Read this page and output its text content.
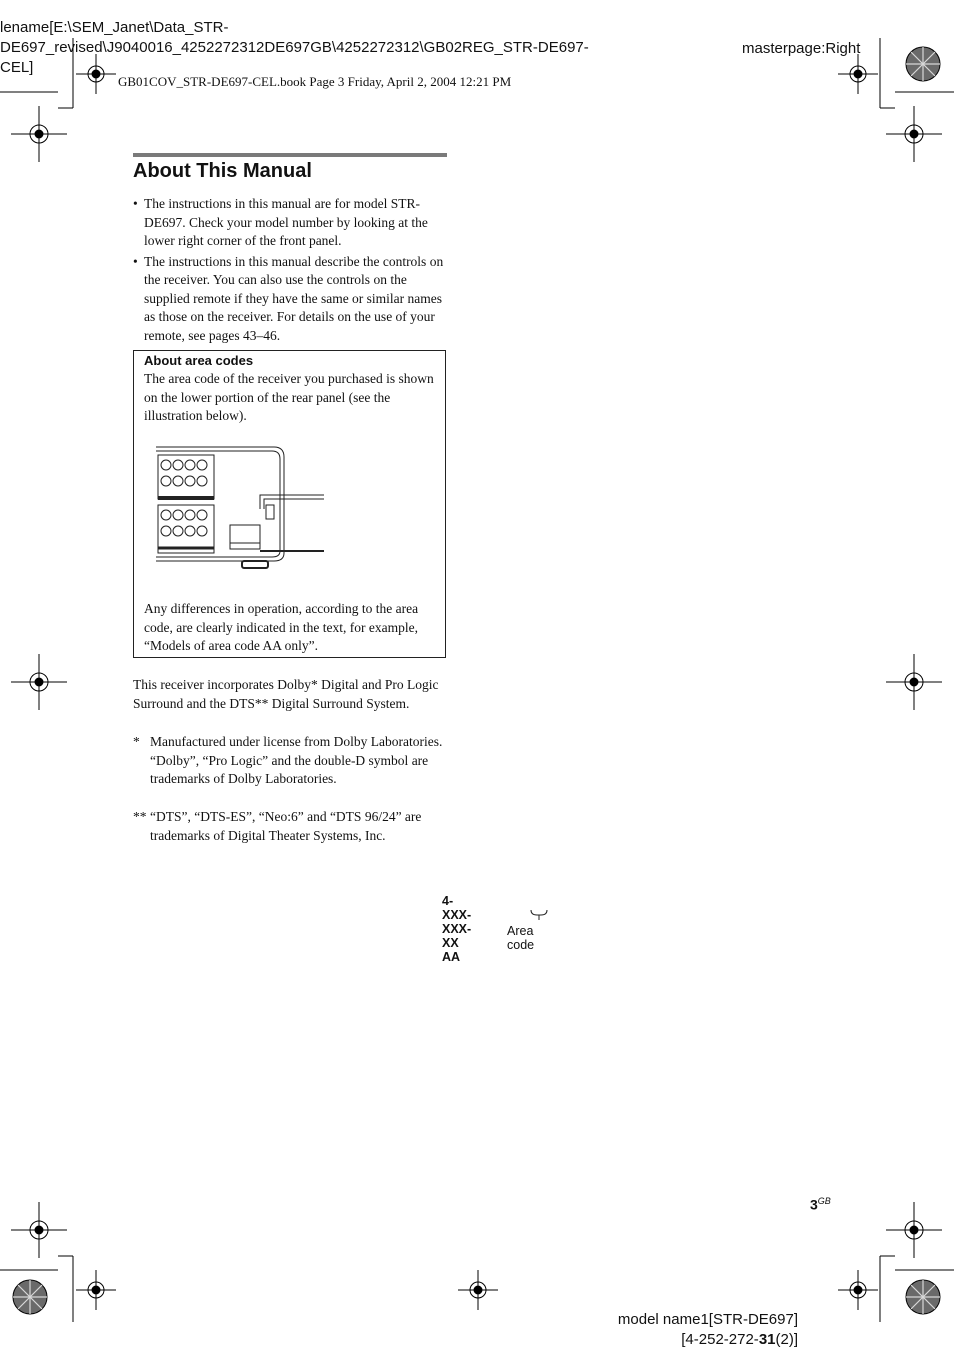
lename[E:\SEM_Janet\Data_STR-
DE697_revised\J9040016_4252272312DE697GB\4252272312\GB02REG_STR-DE697-
CEL]
masterpage:Right
GB01COV_STR-DE697-CEL.book Page 3 Friday, April 2, 2004 12:21 PM
About This Manual
• The instructions in this manual are for model STR-DE697. Check your model number by looking at the lower right corner of the front panel.
• The instructions in this manual describe the controls on the receiver. You can also use the controls on the supplied remote if they have the same or similar names as those on the receiver. For details on the use of your remote, see pages 43–46.
About area codes
The area code of the receiver you purchased is shown on the lower portion of the rear panel (see the illustration below).
4-XXX-XXX-XX AA
Area code
Any differences in operation, according to the area code, are clearly indicated in the text, for example, “Models of area code AA only”.
This receiver incorporates Dolby* Digital and Pro Logic Surround and the DTS** Digital Surround System.
* Manufactured under license from Dolby Laboratories.
“Dolby”, “Pro Logic” and the double-D symbol are trademarks of Dolby Laboratories.
** “DTS”, “DTS-ES”, “Neo:6” and “DTS 96/24” are trademarks of Digital Theater Systems, Inc.
$3^{GB}$
model name1[STR-DE697]
[4-252-272-31(2)]
